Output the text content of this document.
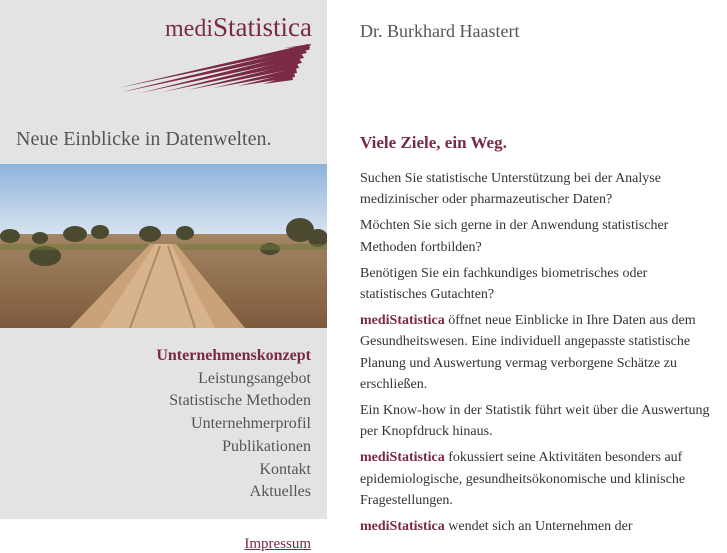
mediStatistica
Neue Einblicke in Datenwelten.
Unternehmenskonzept
Leistungsangebot
Statistische Methoden
Unternehmerprofil
Publikationen
Kontakt
Aktuelles
Impressum
Dr. Burkhard Haastert
Viele Ziele, ein Weg.

Suchen Sie statistische Unterstützung bei der Analyse medizinischer oder pharmazeutischer Daten?

Möchten Sie sich gerne in der Anwendung statistischer Methoden fortbilden?

Benötigen Sie ein fachkundiges biometrisches oder statistisches Gutachten?

mediStatistica öffnet neue Einblicke in Ihre Daten aus dem Gesundheitswesen. Eine individuell angepasste statistische Planung und Auswertung vermag verborgene Schätze zu erschließen.

Ein Know-how in der Statistik führt weit über die Auswertung per Knopfdruck hinaus.

mediStatistica fokussiert seine Aktivitäten besonders auf epidemiologische, gesundheitsökonomische und klinische Fragestellungen.

mediStatistica wendet sich an Unternehmen der
